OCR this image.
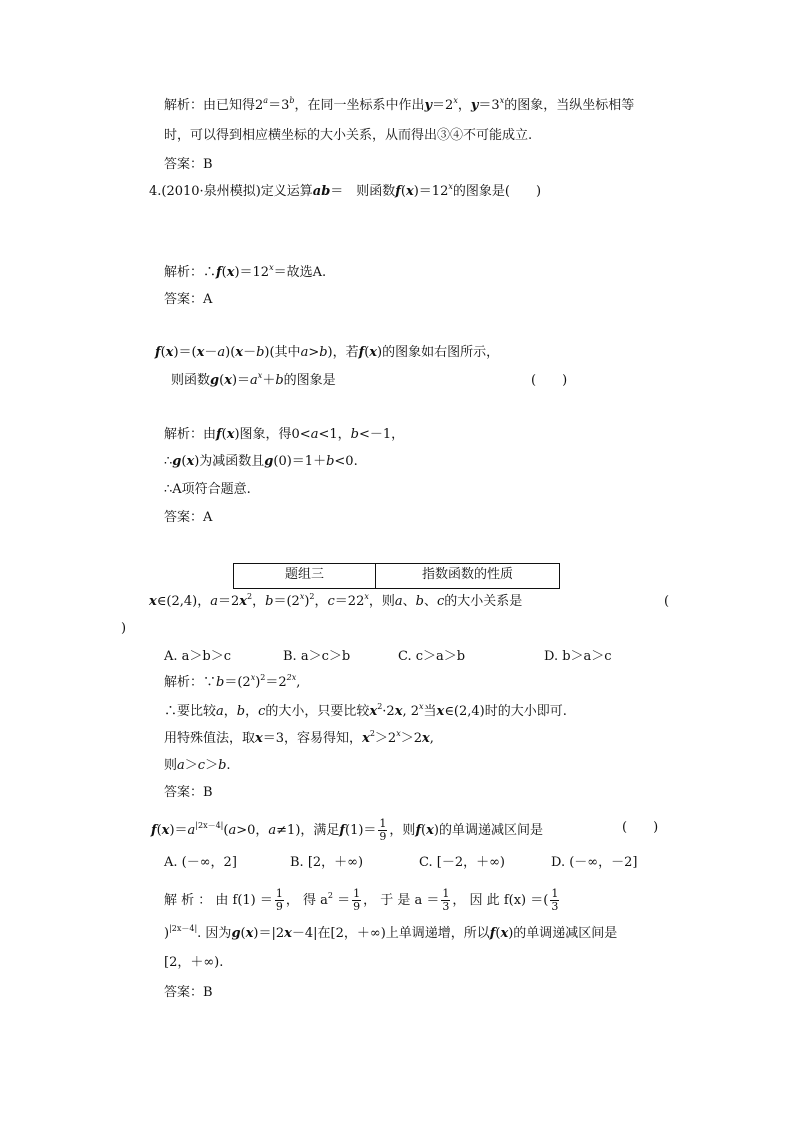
解析：由已知得$2^a=3^b$，在同一坐标系中作出$y=2^x$，$y=3^x$的图象，当纵坐标相等
时，可以得到相应横坐标的大小关系，从而得出③④不可能成立.
答案：B
4.(2010·泉州模拟)定义运算ab＝　则函数$f(x)=12^x$的图象是(　　)
解析：$\therefore f(x)=12^x=$故选A.
答案：A
f(x)＝(x－a)(x－b)(其中a>b)，若f(x)的图象如右图所示，
则函数$g(x)=a^x+b$的图象是	(　　)
解析：由f(x)图象，得0<a<1，b<－1，
∴g(x)为减函数且g(0)＝1＋b<0.
∴A项符合题意.
答案：A
题组三	指数函数的性质
x∈(2,4)，$a=2x^2$，$b=(2^x)^2$，$c=22^x$，则a、b、c的大小关系是	(
)
A. a＞b＞c	B. a＞c＞b	C. c＞a＞b	D. b＞a＞c
解析：$\because b=(2^x)^2=2^{2x}$,
∴要比较a，b，c的大小，只要比较$x^2\cdot 2x$, 2$^x$当x∈(2,4)时的大小即可.
用特殊值法，取x＝3，容易得知，$x^2>2^x>2x$,
则a＞c＞b.
答案：B
$f(x)=a^{|2x-4|}(a>0$，a≠1)，满足$f(1)= \frac{1}{9}$ ，则f(x)的单调递减区间是	(　　)
A. (－∞，2]	B. [2，＋∞)	C. [－2，＋∞)	D. (－∞，－2]
解 析 ： 由 $f(1) = \frac{1}{9}$ ， 得 $a^2 = \frac{1}{9}$ ， 于 是 $a = \frac{1}{3}$ ， 因 此 f(x) ＝( $\frac{1}{3}$
)$^{|2x-4|}$. 因为g(x)＝|2x－4|在[2，＋∞)上单调递增，所以f(x)的单调递减区间是
[2，＋∞).
答案：B
